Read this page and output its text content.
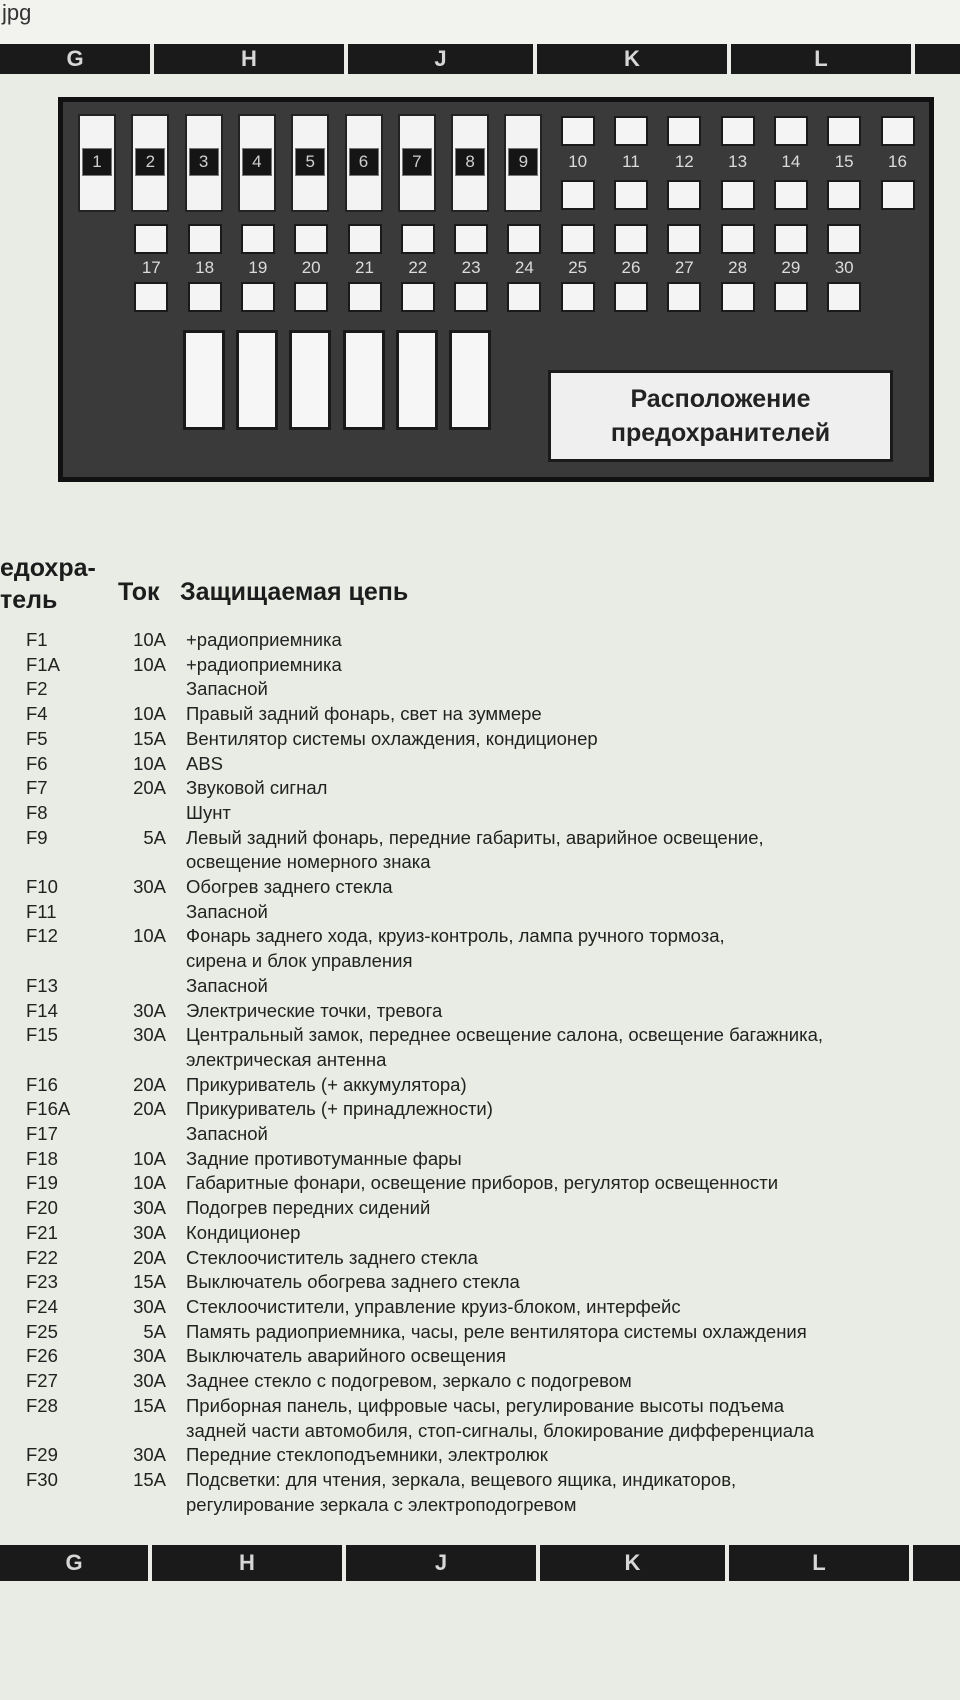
jpg
G	H	J	K	L
1	2	3	4	5	6	7	8	9	10	11	12	13	14	15	16
17	18	19	20	21	22	23	24	25	26	27	28	29	30
Расположение
предохранителей
едохра-
тель	Ток Защищаемая цепь
F1	10A	+радиоприемника
F1A	10A	+радиоприемника
F2	Запасной
F4	10A	Правый задний фонарь, свет на зуммере
F5	15A	Вентилятор системы охлаждения, кондиционер
F6	10A	ABS
F7	20A	Звуковой сигнал
F8	Шунт
F9	5A	Левый задний фонарь, передние габариты, аварийное освещение,
освещение номерного знака
F10	30A	Обогрев заднего стекла
F11	Запасной
F12	10A	Фонарь заднего хода, круиз-контроль, лампа ручного тормоза,
сирена и блок управления
F13	Запасной
F14	30A	Электрические точки, тревога
F15	30A	Центральный замок, переднее освещение салона, освещение багажника,
электрическая антенна
F16	20A	Прикуриватель (+ аккумулятора)
F16A	20A	Прикуриватель (+ принадлежности)
F17	Запасной
F18	10A	Задние противотуманные фары
F19	10A	Габаритные фонари, освещение приборов, регулятор освещенности
F20	30A	Подогрев передних сидений
F21	30A	Кондиционер
F22	20A	Стеклоочиститель заднего стекла
F23	15A	Выключатель обогрева заднего стекла
F24	30A	Стеклоочистители, управление круиз-блоком, интерфейс
F25	5A	Память радиоприемника, часы, реле вентилятора системы охлаждения
F26	30A	Выключатель аварийного освещения
F27	30A	Заднее стекло с подогревом, зеркало с подогревом
F28	15A	Приборная панель, цифровые часы, регулирование высоты подъема
задней части автомобиля, стоп-сигналы, блокирование дифференциала
F29	30A	Передние стеклоподъемники, электролюк
F30	15A	Подсветки: для чтения, зеркала, вещевого ящика, индикаторов,
регулирование зеркала с электроподогревом
G	H	J	K	L
